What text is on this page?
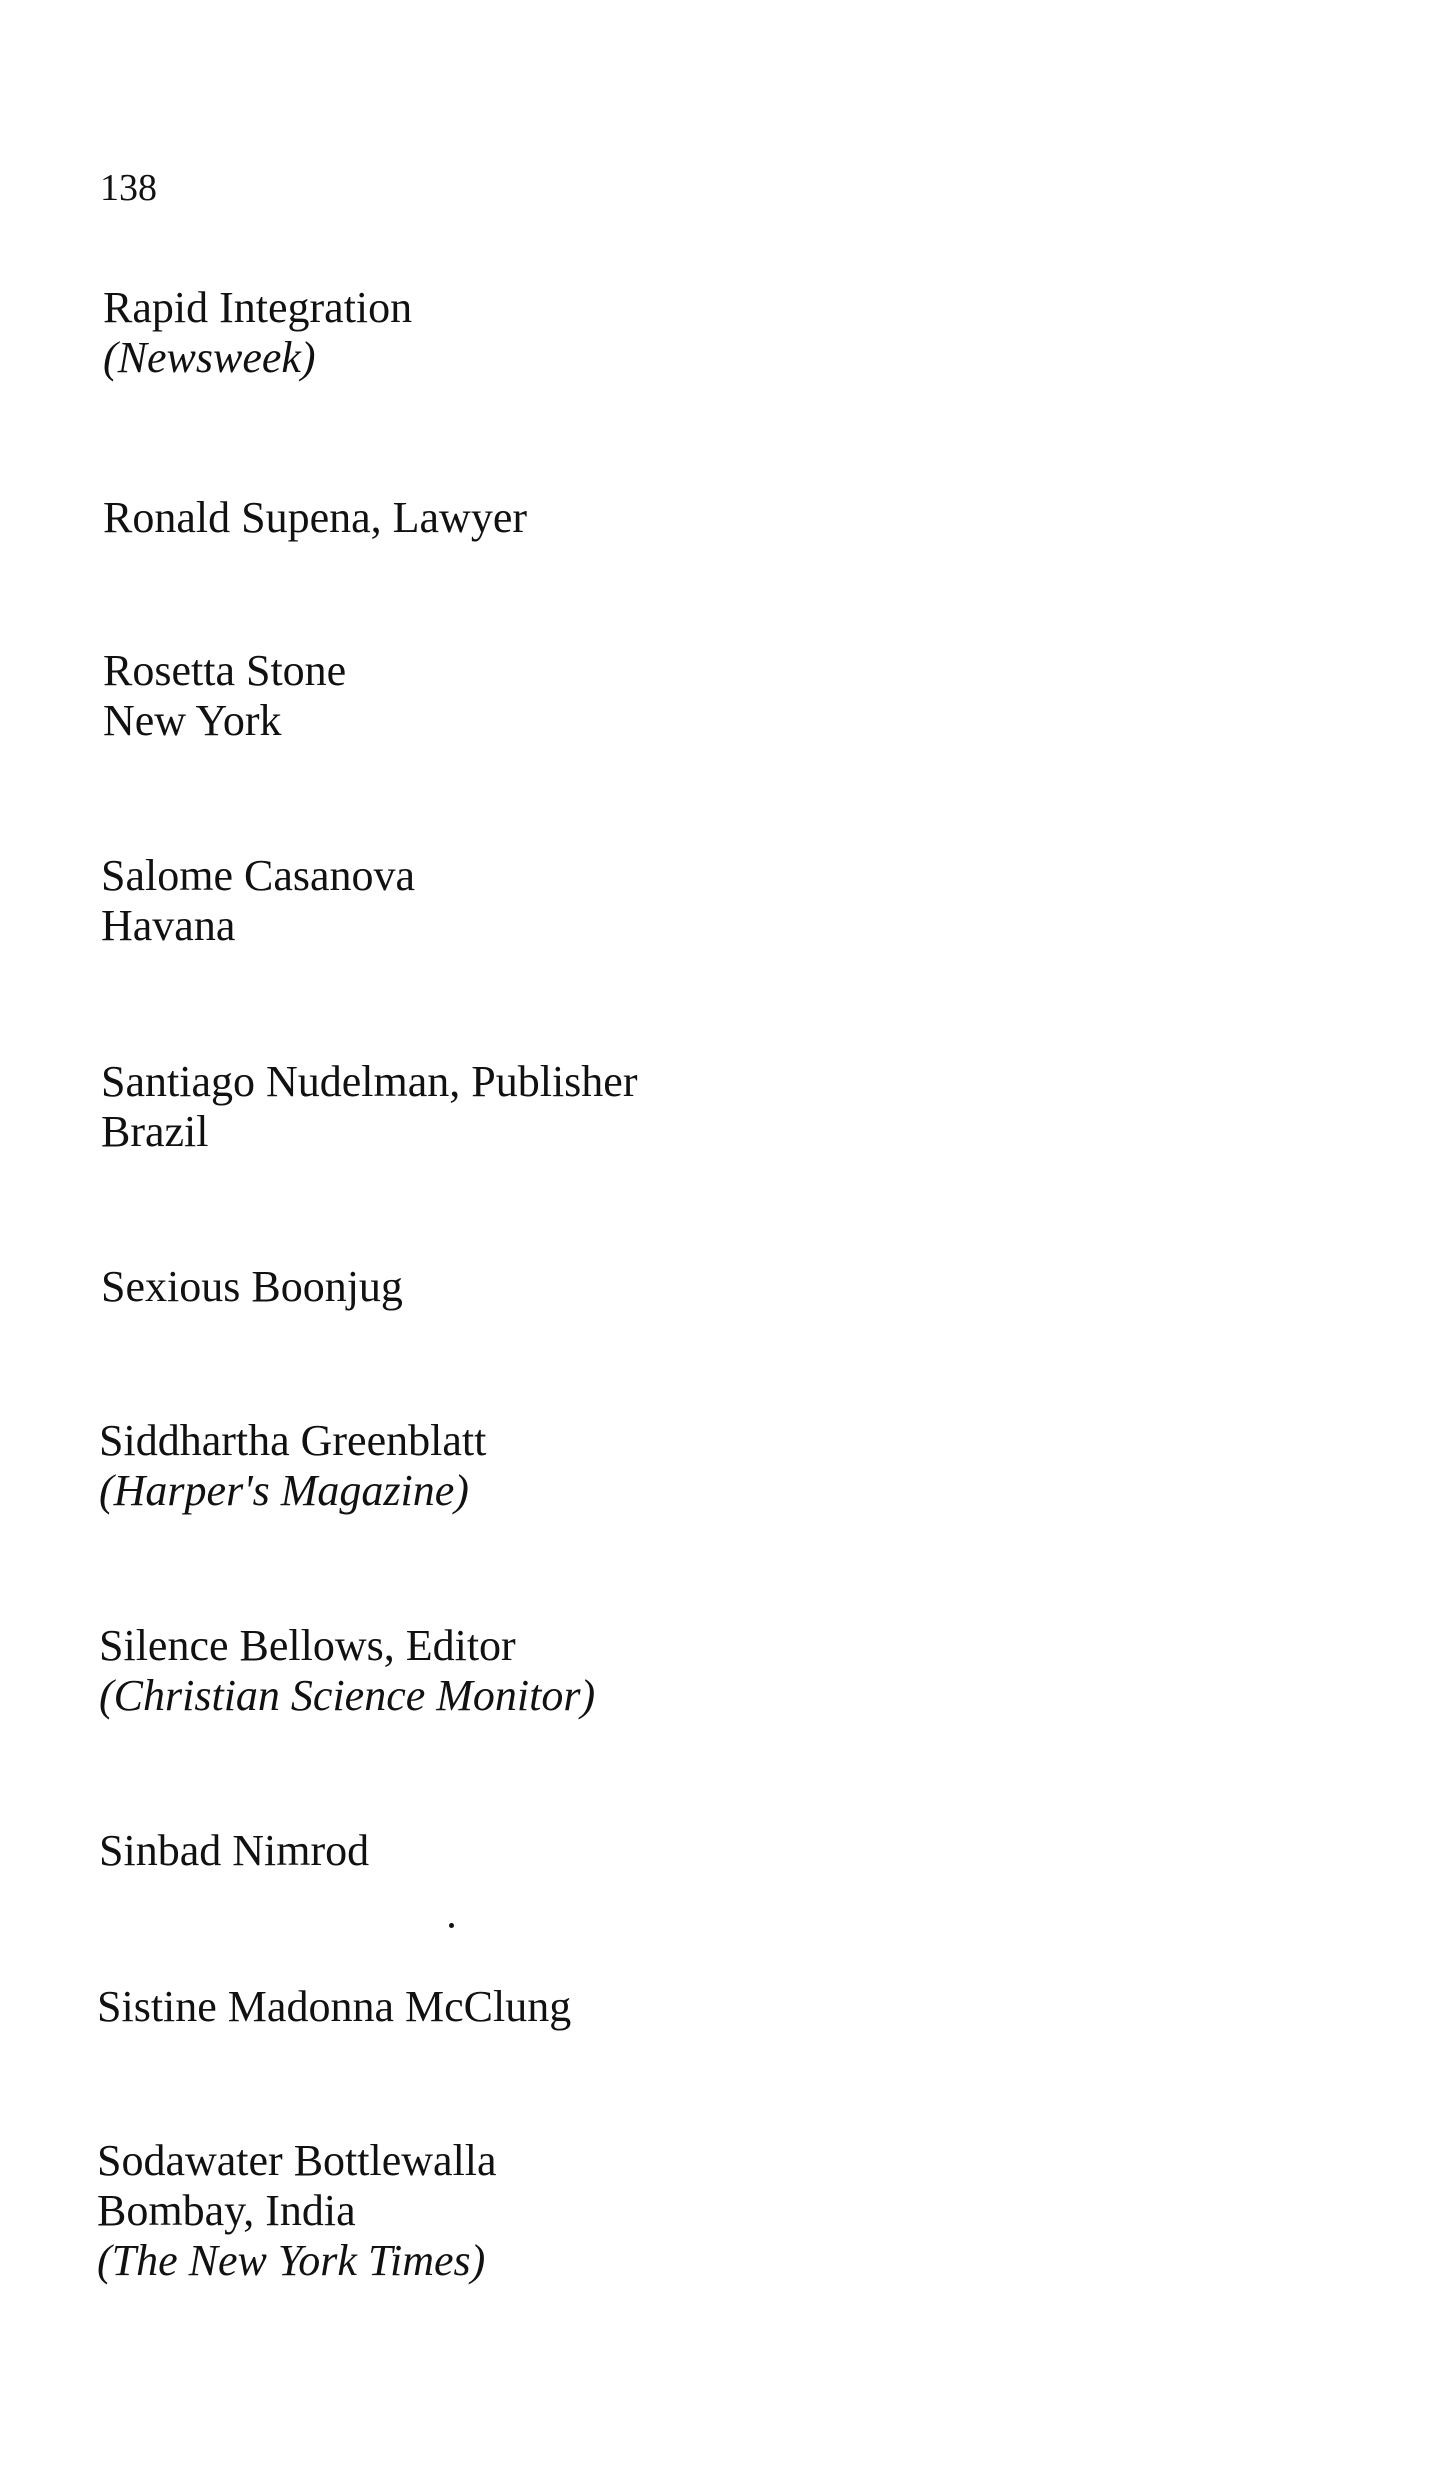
138
Rapid Integration
(Newsweek)
Ronald Supena, Lawyer
Rosetta Stone
New York
Salome Casanova
Havana
Santiago Nudelman, Publisher
Brazil
Sexious Boonjug
Siddhartha Greenblatt
(Harper's Magazine)
Silence Bellows, Editor
(Christian Science Monitor)
Sinbad Nimrod
Sistine Madonna McClung
Sodawater Bottlewalla
Bombay, India
(The New York Times)
